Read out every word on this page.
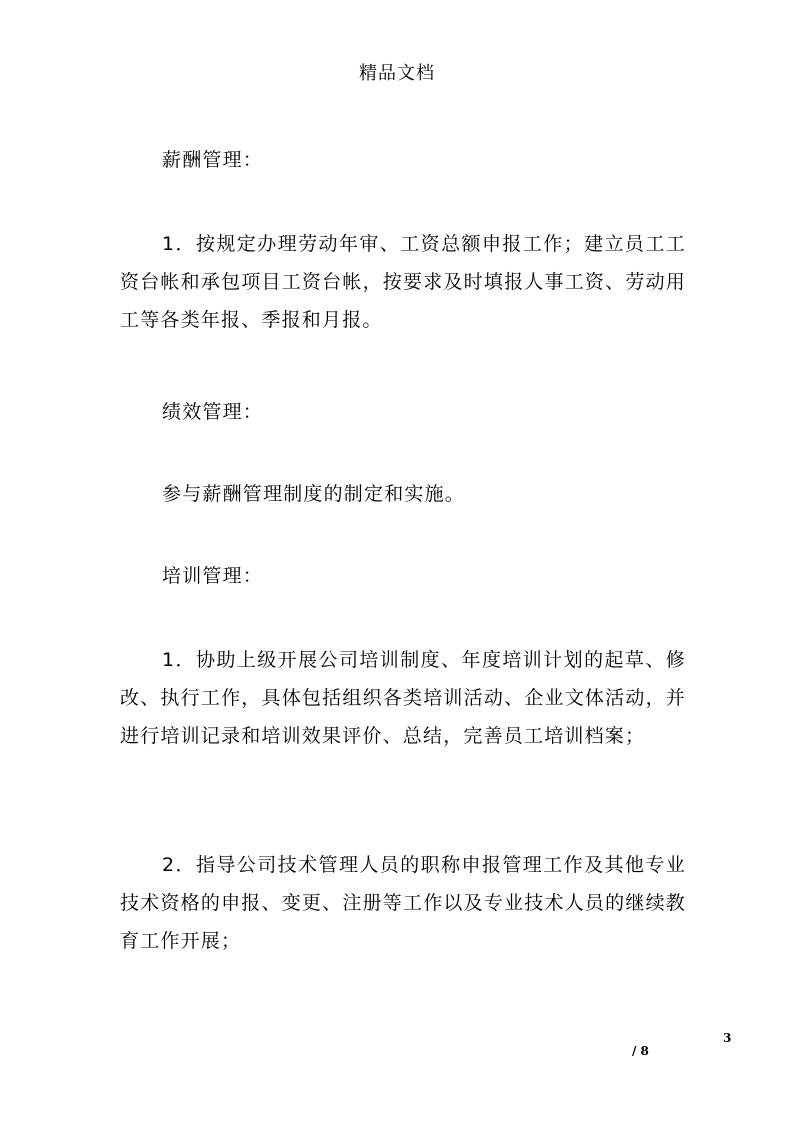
精品文档

薪酬管理：

1．按规定办理劳动年审、工资总额申报工作；建立员工工资台帐和承包项目工资台帐，按要求及时填报人事工资、劳动用工等各类年报、季报和月报。

绩效管理：

参与薪酬管理制度的制定和实施。

培训管理：

1．协助上级开展公司培训制度、年度培训计划的起草、修改、执行工作，具体包括组织各类培训活动、企业文体活动，并进行培训记录和培训效果评价、总结，完善员工培训档案；

2．指导公司技术管理人员的职称申报管理工作及其他专业技术资格的申报、变更、注册等工作以及专业技术人员的继续教育工作开展；

3
/ 8
